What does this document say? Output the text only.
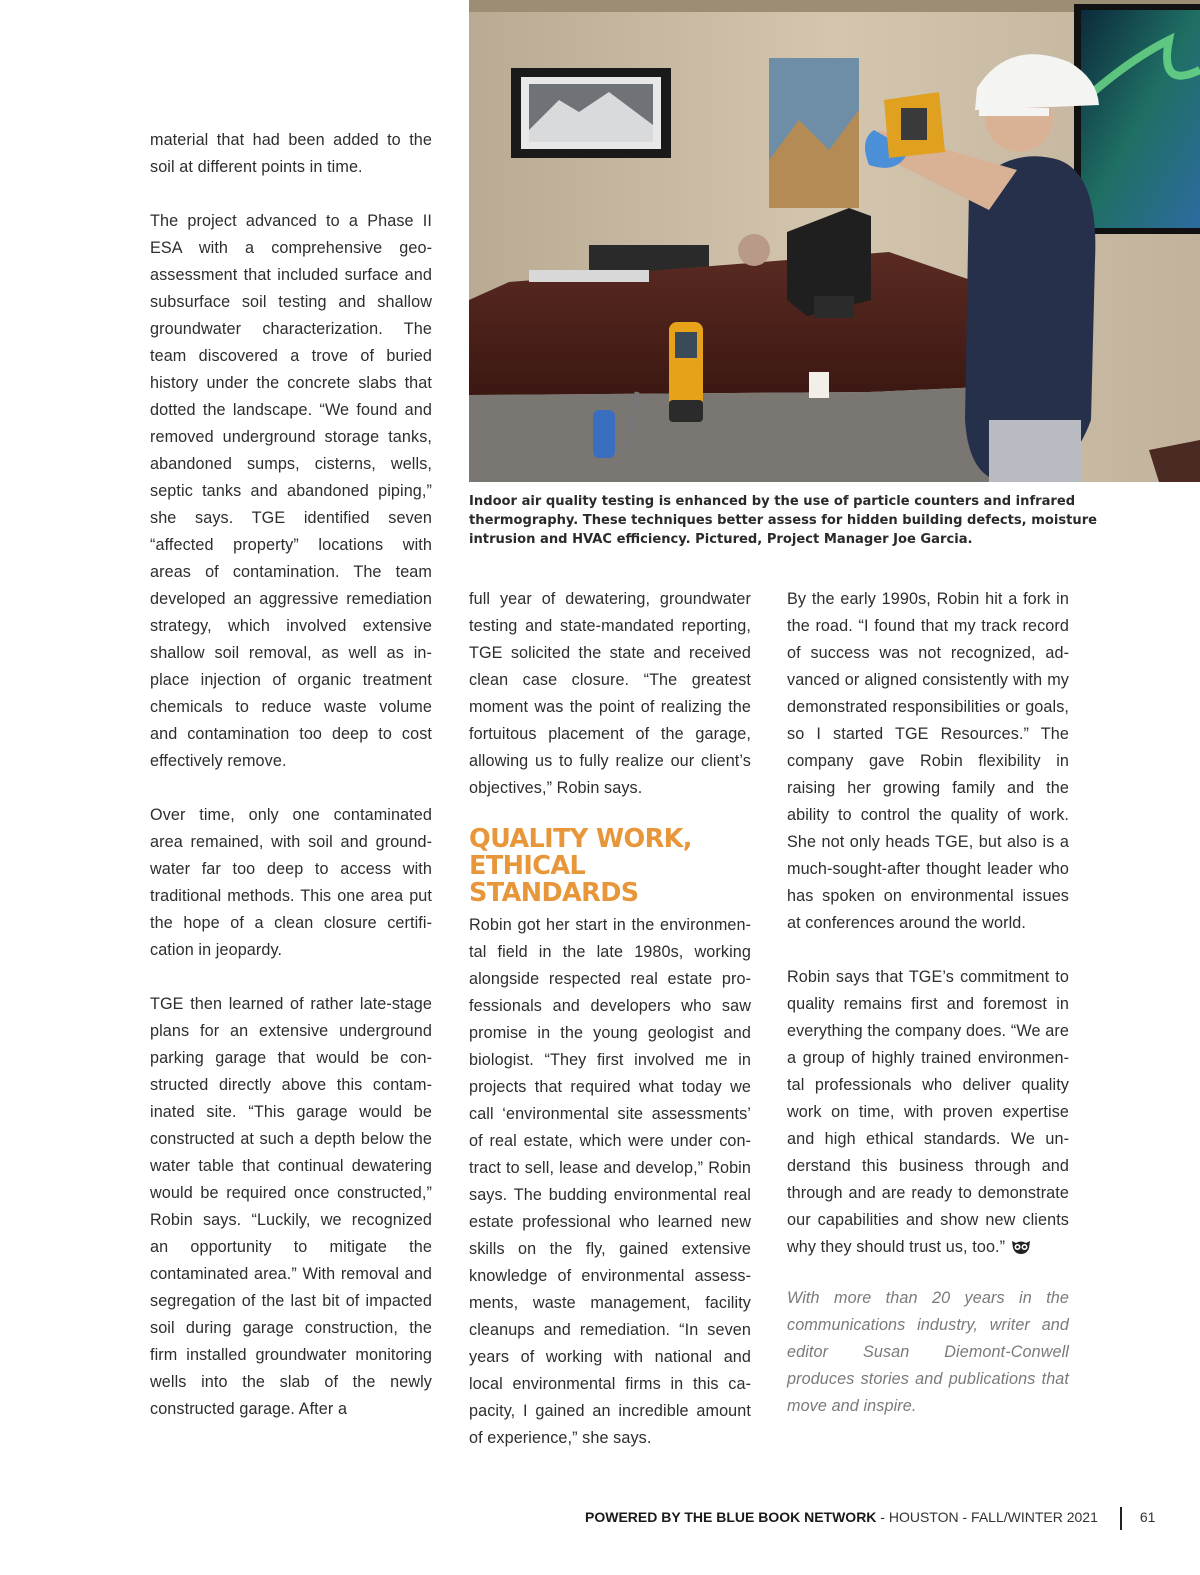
Indoor air quality testing is enhanced by the use of particle counters and infrared thermography. These techniques better assess for hidden building defects, moisture intrusion and HVAC efficiency. Pictured, Project Manager Joe Garcia.

material that had been added to the soil at different points in time.

The project advanced to a Phase II ESA with a comprehensive geoassessment that included surface and subsurface soil testing and shallow groundwater characterization. The team discovered a trove of buried history under the concrete slabs that dotted the landscape. “We found and removed underground storage tanks, abandoned sumps, cisterns, wells, septic tanks and abandoned piping,” she says. TGE identified seven “affected property” locations with areas of contamination. The team developed an aggressive remediation strategy, which involved extensive shallow soil removal, as well as in-place injection of organic treatment chemicals to reduce waste volume and contamination too deep to cost effectively remove.

Over time, only one contaminated area remained, with soil and groundwater far too deep to access with traditional methods. This one area put the hope of a clean closure certification in jeopardy.

TGE then learned of rather late-stage plans for an extensive underground parking garage that would be constructed directly above this contaminated site. “This garage would be constructed at such a depth below the water table that continual dewatering would be required once constructed,” Robin says. “Luckily, we recognized an opportunity to mitigate the contaminated area.” With removal and segregation of the last bit of impacted soil during garage construction, the firm installed groundwater monitoring wells into the slab of the newly constructed garage. After a

full year of dewatering, groundwater testing and state-mandated reporting, TGE solicited the state and received clean case closure. “The greatest moment was the point of realizing the fortuitous placement of the garage, allowing us to fully realize our client’s objectives,” Robin says.

QUALITY WORK,
ETHICAL STANDARDS

Robin got her start in the environmental field in the late 1980s, working alongside respected real estate professionals and developers who saw promise in the young geologist and biologist. “They first involved me in projects that required what today we call ‘environmental site assessments’ of real estate, which were under contract to sell, lease and develop,” Robin says. The budding environmental real estate professional who learned new skills on the fly, gained extensive knowledge of environmental assessments, waste management, facility cleanups and remediation. “In seven years of working with national and local environmental firms in this capacity, I gained an incredible amount of experience,” she says.

By the early 1990s, Robin hit a fork in the road. “I found that my track record of success was not recognized, advanced or aligned consistently with my demonstrated responsibilities or goals, so I started TGE Resources.” The company gave Robin flexibility in raising her growing family and the ability to control the quality of work. She not only heads TGE, but also is a much-sought-after thought leader who has spoken on environmental issues at conferences around the world.

Robin says that TGE’s commitment to quality remains first and foremost in everything the company does. “We are a group of highly trained environmental professionals who deliver quality work on time, with proven expertise and high ethical standards. We understand this business through and through and are ready to demonstrate our capabilities and show new clients why they should trust us, too.”

With more than 20 years in the communications industry, writer and editor Susan Diemont-Conwell produces stories and publications that move and inspire.

POWERED BY THE BLUE BOOK NETWORK - HOUSTON - FALL/WINTER 2021	61
